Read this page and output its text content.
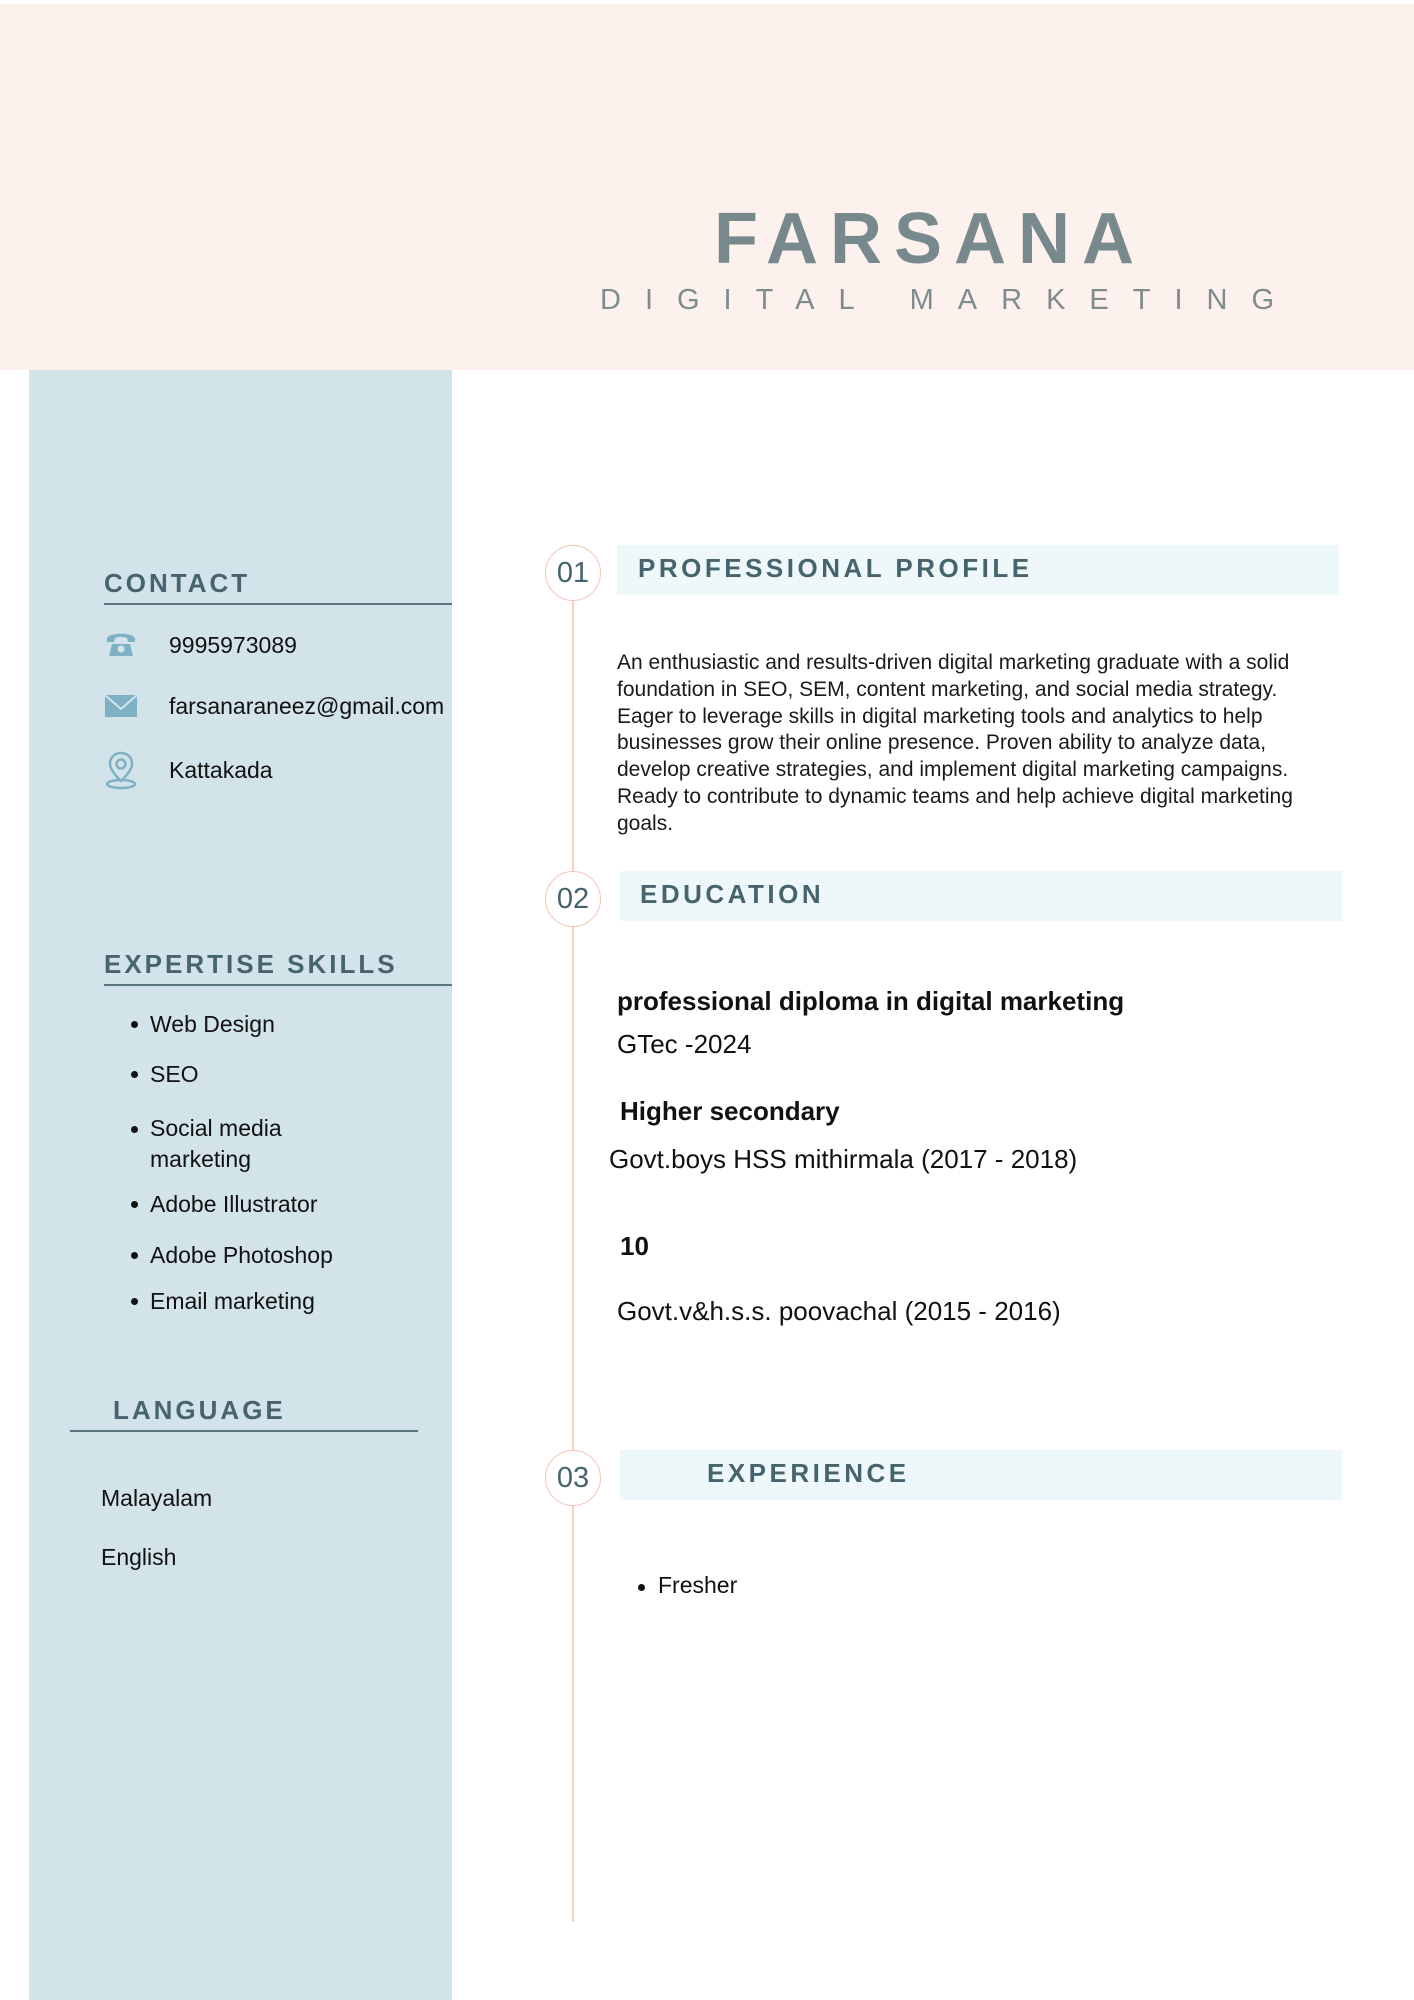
FARSANA
DIGITAL MARKETING
CONTACT
9995973089
farsanaraneez@gmail.com
Kattakada
EXPERTISE SKILLS
Web Design
SEO
Social media marketing
Adobe Illustrator
Adobe Photoshop
Email marketing
LANGUAGE
Malayalam
English
01	PROFESSIONAL PROFILE
An enthusiastic and results-driven digital marketing graduate with a solid foundation in SEO, SEM, content marketing, and social media strategy. Eager to leverage skills in digital marketing tools and analytics to help businesses grow their online presence. Proven ability to analyze data, develop creative strategies, and implement digital marketing campaigns. Ready to contribute to dynamic teams and help achieve digital marketing goals.
02	EDUCATION
professional diploma in digital marketing
GTec -2024
Higher secondary
Govt.boys HSS mithirmala (2017 - 2018)
10
Govt.v&h.s.s. poovachal (2015 - 2016)
03	EXPERIENCE
Fresher
